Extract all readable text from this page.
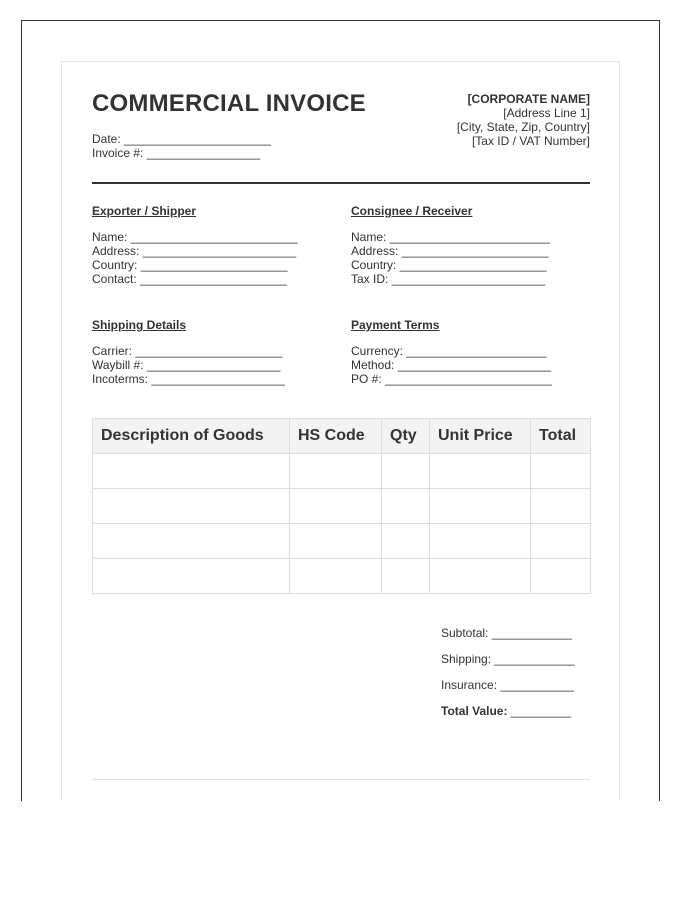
COMMERCIAL INVOICE
Date: ______________________
Invoice #: _________________
[CORPORATE NAME]
[Address Line 1]
[City, State, Zip, Country]
[Tax ID / VAT Number]
Exporter / Shipper
Name: _________________________
Address: _______________________
Country: ______________________
Contact: ______________________
Consignee / Receiver
Name: ________________________
Address: ______________________
Country: ______________________
Tax ID: _______________________
Shipping Details
Carrier: ______________________
Waybill #: ____________________
Incoterms: ____________________
Payment Terms
Currency: _____________________
Method: _______________________
PO #: _________________________
Description of Goods	HS Code	Qty	Unit Price	Total

Subtotal: ____________
Shipping: ____________
Insurance: ___________
Total Value: _________
